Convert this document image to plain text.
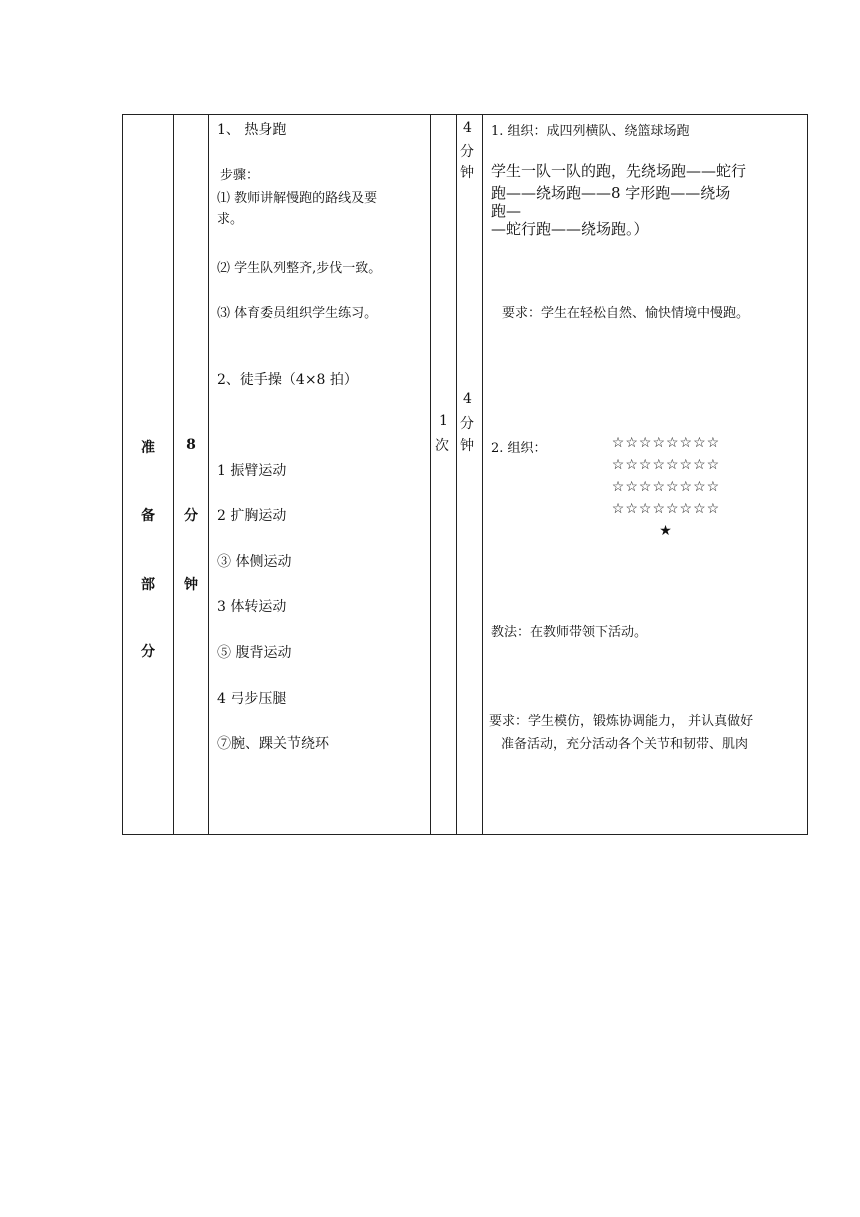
准
备
部
分
8
分
钟
1
次
4
分
钟
4
分
钟
1、 热身跑
步骤：
⑴ 教师讲解慢跑的路线及要
求。
⑵ 学生队列整齐,步伐一致。
⑶ 体育委员组织学生练习。
2、徒手操（4×8 拍）
1 振臂运动
2 扩胸运动
③ 体侧运动
3 体转运动
⑤ 腹背运动
4 弓步压腿
⑦腕、踝关节绕环
1. 组织：成四列横队、绕篮球场跑
学生一队一队的跑，先绕场跑——蛇行
跑——绕场跑——8 字形跑——绕场
跑—
—蛇行跑——绕场跑。）
要求：学生在轻松自然、愉快情境中慢跑。
2. 组织：	☆☆☆☆☆☆☆☆
☆☆☆☆☆☆☆☆
☆☆☆☆☆☆☆☆
☆☆☆☆☆☆☆☆
★
教法：在教师带领下活动。
要求：学生模仿，锻炼协调能力， 并认真做好
准备活动，充分活动各个关节和韧带、肌肉
